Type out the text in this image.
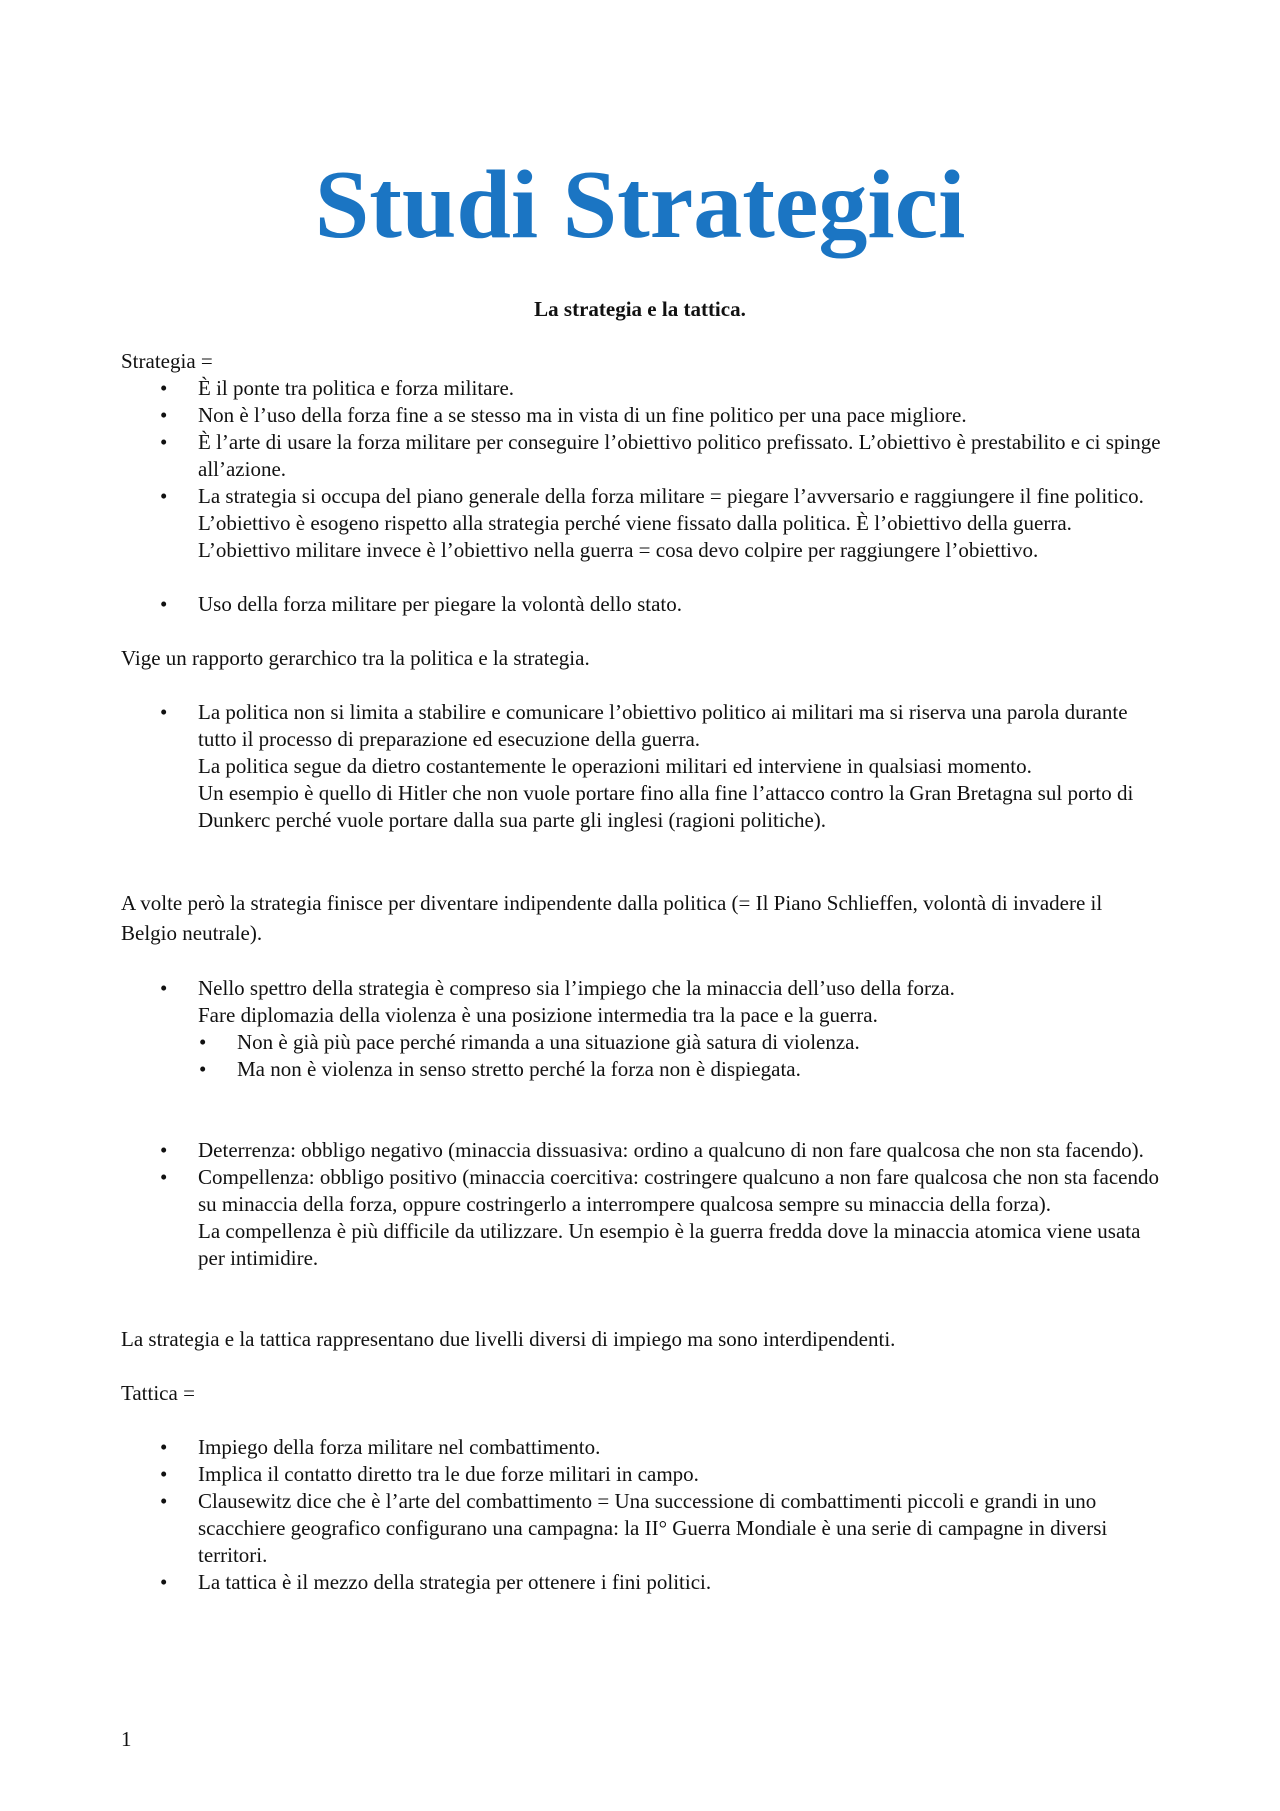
Studi Strategici

La strategia e la tattica.

Strategia =

• È il ponte tra politica e forza militare.

• Non è l’uso della forza fine a se stesso ma in vista di un fine politico per una pace migliore.

• È l’arte di usare la forza militare per conseguire l’obiettivo politico prefissato. L’obiettivo è prestabilito e ci spinge all’azione.

• La strategia si occupa del piano generale della forza militare = piegare l’avversario e raggiungere il fine politico.

L’obiettivo è esogeno rispetto alla strategia perché viene fissato dalla politica. È l’obiettivo della guerra.

L’obiettivo militare invece è l’obiettivo nella guerra = cosa devo colpire per raggiungere l’obiettivo.

• Uso della forza militare per piegare la volontà dello stato.

Vige un rapporto gerarchico tra la politica e la strategia.

• La politica non si limita a stabilire e comunicare l’obiettivo politico ai militari ma si riserva una parola durante tutto il processo di preparazione ed esecuzione della guerra.

La politica segue da dietro costantemente le operazioni militari ed interviene in qualsiasi momento.

Un esempio è quello di Hitler che non vuole portare fino alla fine l’attacco contro la Gran Bretagna sul porto di Dunkerc perché vuole portare dalla sua parte gli inglesi (ragioni politiche).

A volte però la strategia finisce per diventare indipendente dalla politica (= Il Piano Schlieffen, volontà di invadere il Belgio neutrale).

• Nello spettro della strategia è compreso sia l’impiego che la minaccia dell’uso della forza.

Fare diplomazia della violenza è una posizione intermedia tra la pace e la guerra.

• Non è già più pace perché rimanda a una situazione già satura di violenza.

• Ma non è violenza in senso stretto perché la forza non è dispiegata.

• Deterrenza: obbligo negativo (minaccia dissuasiva: ordino a qualcuno di non fare qualcosa che non sta facendo).

• Compellenza: obbligo positivo (minaccia coercitiva: costringere qualcuno a non fare qualcosa che non sta facendo su minaccia della forza, oppure costringerlo a interrompere qualcosa sempre su minaccia della forza).

La compellenza è più difficile da utilizzare. Un esempio è la guerra fredda dove la minaccia atomica viene usata per intimidire.

La strategia e la tattica rappresentano due livelli diversi di impiego ma sono interdipendenti.

Tattica =

• Impiego della forza militare nel combattimento.

• Implica il contatto diretto tra le due forze militari in campo.

• Clausewitz dice che è l’arte del combattimento = Una successione di combattimenti piccoli e grandi in uno scacchiere geografico configurano una campagna: la II° Guerra Mondiale è una serie di campagne in diversi territori.

• La tattica è il mezzo della strategia per ottenere i fini politici.

1
